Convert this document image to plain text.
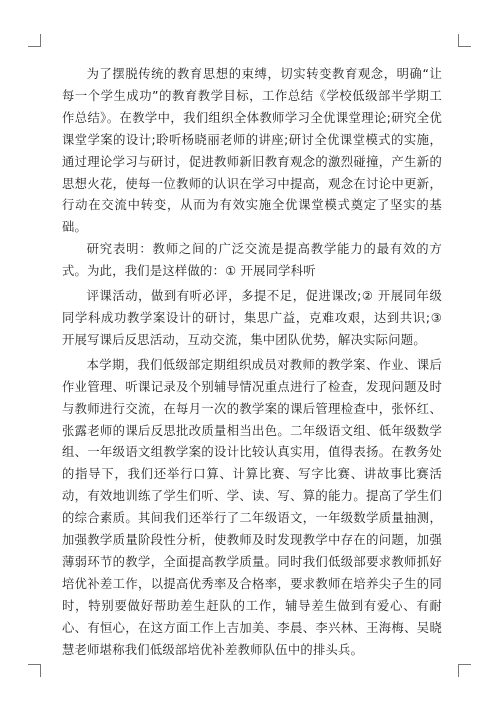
为了摆脱传统的教育思想的束缚，切实转变教育观念，明确“让每一个学生成功”的教育教学目标，工作总结《学校低级部半学期工作总结》。在教学中，我们组织全体教师学习全优课堂理论;研究全优课堂学案的设计;聆听杨晓丽老师的讲座;研讨全优课堂模式的实施，通过理论学习与研讨，促进教师新旧教育观念的激烈碰撞，产生新的思想火花，使每一位教师的认识在学习中提高，观念在讨论中更新，行动在交流中转变，从而为有效实施全优课堂模式奠定了坚实的基础。

研究表明：教师之间的广泛交流是提高教学能力的最有效的方式。为此，我们是这样做的：① 开展同学科听

评课活动，做到有听必评，多提不足，促进课改;② 开展同年级同学科成功教学案设计的研讨，集思广益，克难攻艰，达到共识;③ 开展写课后反思活动，互动交流，集中团队优势，解决实际问题。

本学期，我们低级部定期组织成员对教师的教学案、作业、课后作业管理、听课记录及个别辅导情况重点进行了检查，发现问题及时与教师进行交流，在每月一次的教学案的课后管理检查中，张怀红、张露老师的课后反思批改质量相当出色。二年级语文组、低年级数学组、一年级语文组教学案的设计比较认真实用，值得表扬。在教务处的指导下，我们还举行口算、计算比赛、写字比赛、讲故事比赛活动，有效地训练了学生们听、学、读、写、算的能力。提高了学生们的综合素质。其间我们还举行了二年级语文，一年级数学质量抽测，加强教学质量阶段性分析，使教师及时发现教学中存在的问题，加强薄弱环节的教学，全面提高教学质量。同时我们低级部要求教师抓好培优补差工作，以提高优秀率及合格率，要求教师在培养尖子生的同时，特别要做好帮助差生赶队的工作，辅导差生做到有爱心、有耐心、有恒心，在这方面工作上吉加美、李晨、李兴林、王海梅、吴晓慧老师堪称我们低级部培优补差教师队伍中的排头兵。
